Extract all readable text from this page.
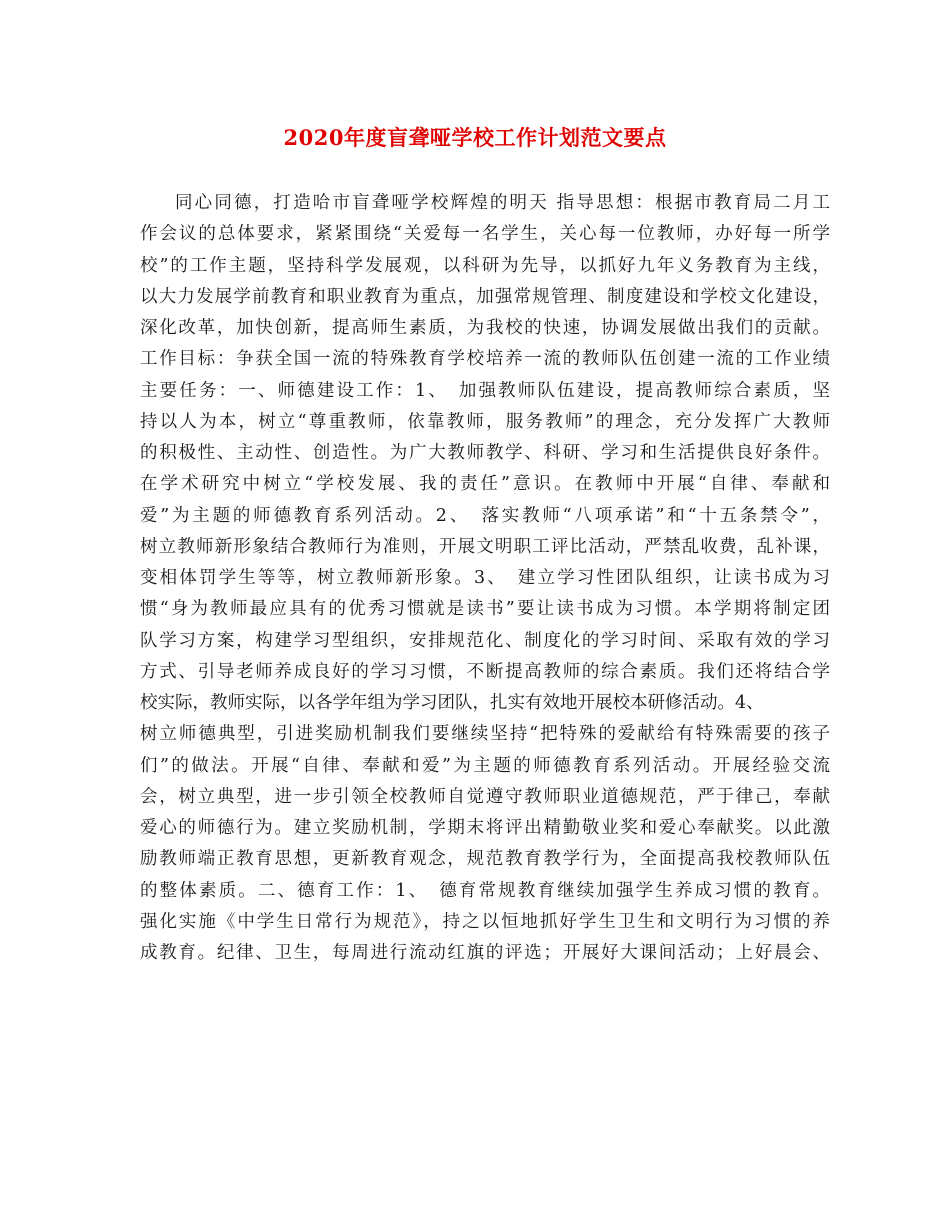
2020年度盲聋哑学校工作计划范文要点
同心同德，打造哈市盲聋哑学校辉煌的明天 指导思想：根据市教育局二月工
作会议的总体要求，紧紧围绕“关爱每一名学生，关心每一位教师，办好每一所学
校”的工作主题，坚持科学发展观，以科研为先导，以抓好九年义务教育为主线，
以大力发展学前教育和职业教育为重点，加强常规管理、制度建设和学校文化建设，
深化改革，加快创新，提高师生素质，为我校的快速，协调发展做出我们的贡献。
工作目标：争获全国一流的特殊教育学校培养一流的教师队伍创建一流的工作业绩
主要任务：一、师德建设工作：1、　加强教师队伍建设，提高教师综合素质，坚
持以人为本，树立“尊重教师，依靠教师，服务教师”的理念，充分发挥广大教师
的积极性、主动性、创造性。为广大教师教学、科研、学习和生活提供良好条件。
在学术研究中树立“学校发展、我的责任”意识。在教师中开展“自律、奉献和
爱”为主题的师德教育系列活动。2、　落实教师“八项承诺”和“十五条禁令”，
树立教师新形象结合教师行为准则，开展文明职工评比活动，严禁乱收费，乱补课，
变相体罚学生等等，树立教师新形象。3、　建立学习性团队组织，让读书成为习
惯“身为教师最应具有的优秀习惯就是读书”要让读书成为习惯。本学期将制定团
队学习方案，构建学习型组织，安排规范化、制度化的学习时间、采取有效的学习
方式、引导老师养成良好的学习习惯，不断提高教师的综合素质。我们还将结合学
校实际，教师实际，以各学年组为学习团队，扎实有效地开展校本研修活动。4、
树立师德典型，引进奖励机制我们要继续坚持“把特殊的爱献给有特殊需要的孩子
们”的做法。开展“自律、奉献和爱”为主题的师德教育系列活动。开展经验交流
会，树立典型，进一步引领全校教师自觉遵守教师职业道德规范，严于律己，奉献
爱心的师德行为。建立奖励机制，学期末将评出精勤敬业奖和爱心奉献奖。以此激
励教师端正教育思想，更新教育观念，规范教育教学行为，全面提高我校教师队伍
的整体素质。二、德育工作：1、　德育常规教育继续加强学生养成习惯的教育。
强化实施《中学生日常行为规范》，持之以恒地抓好学生卫生和文明行为习惯的养
成教育。纪律、卫生，每周进行流动红旗的评选；开展好大课间活动；上好晨会、
